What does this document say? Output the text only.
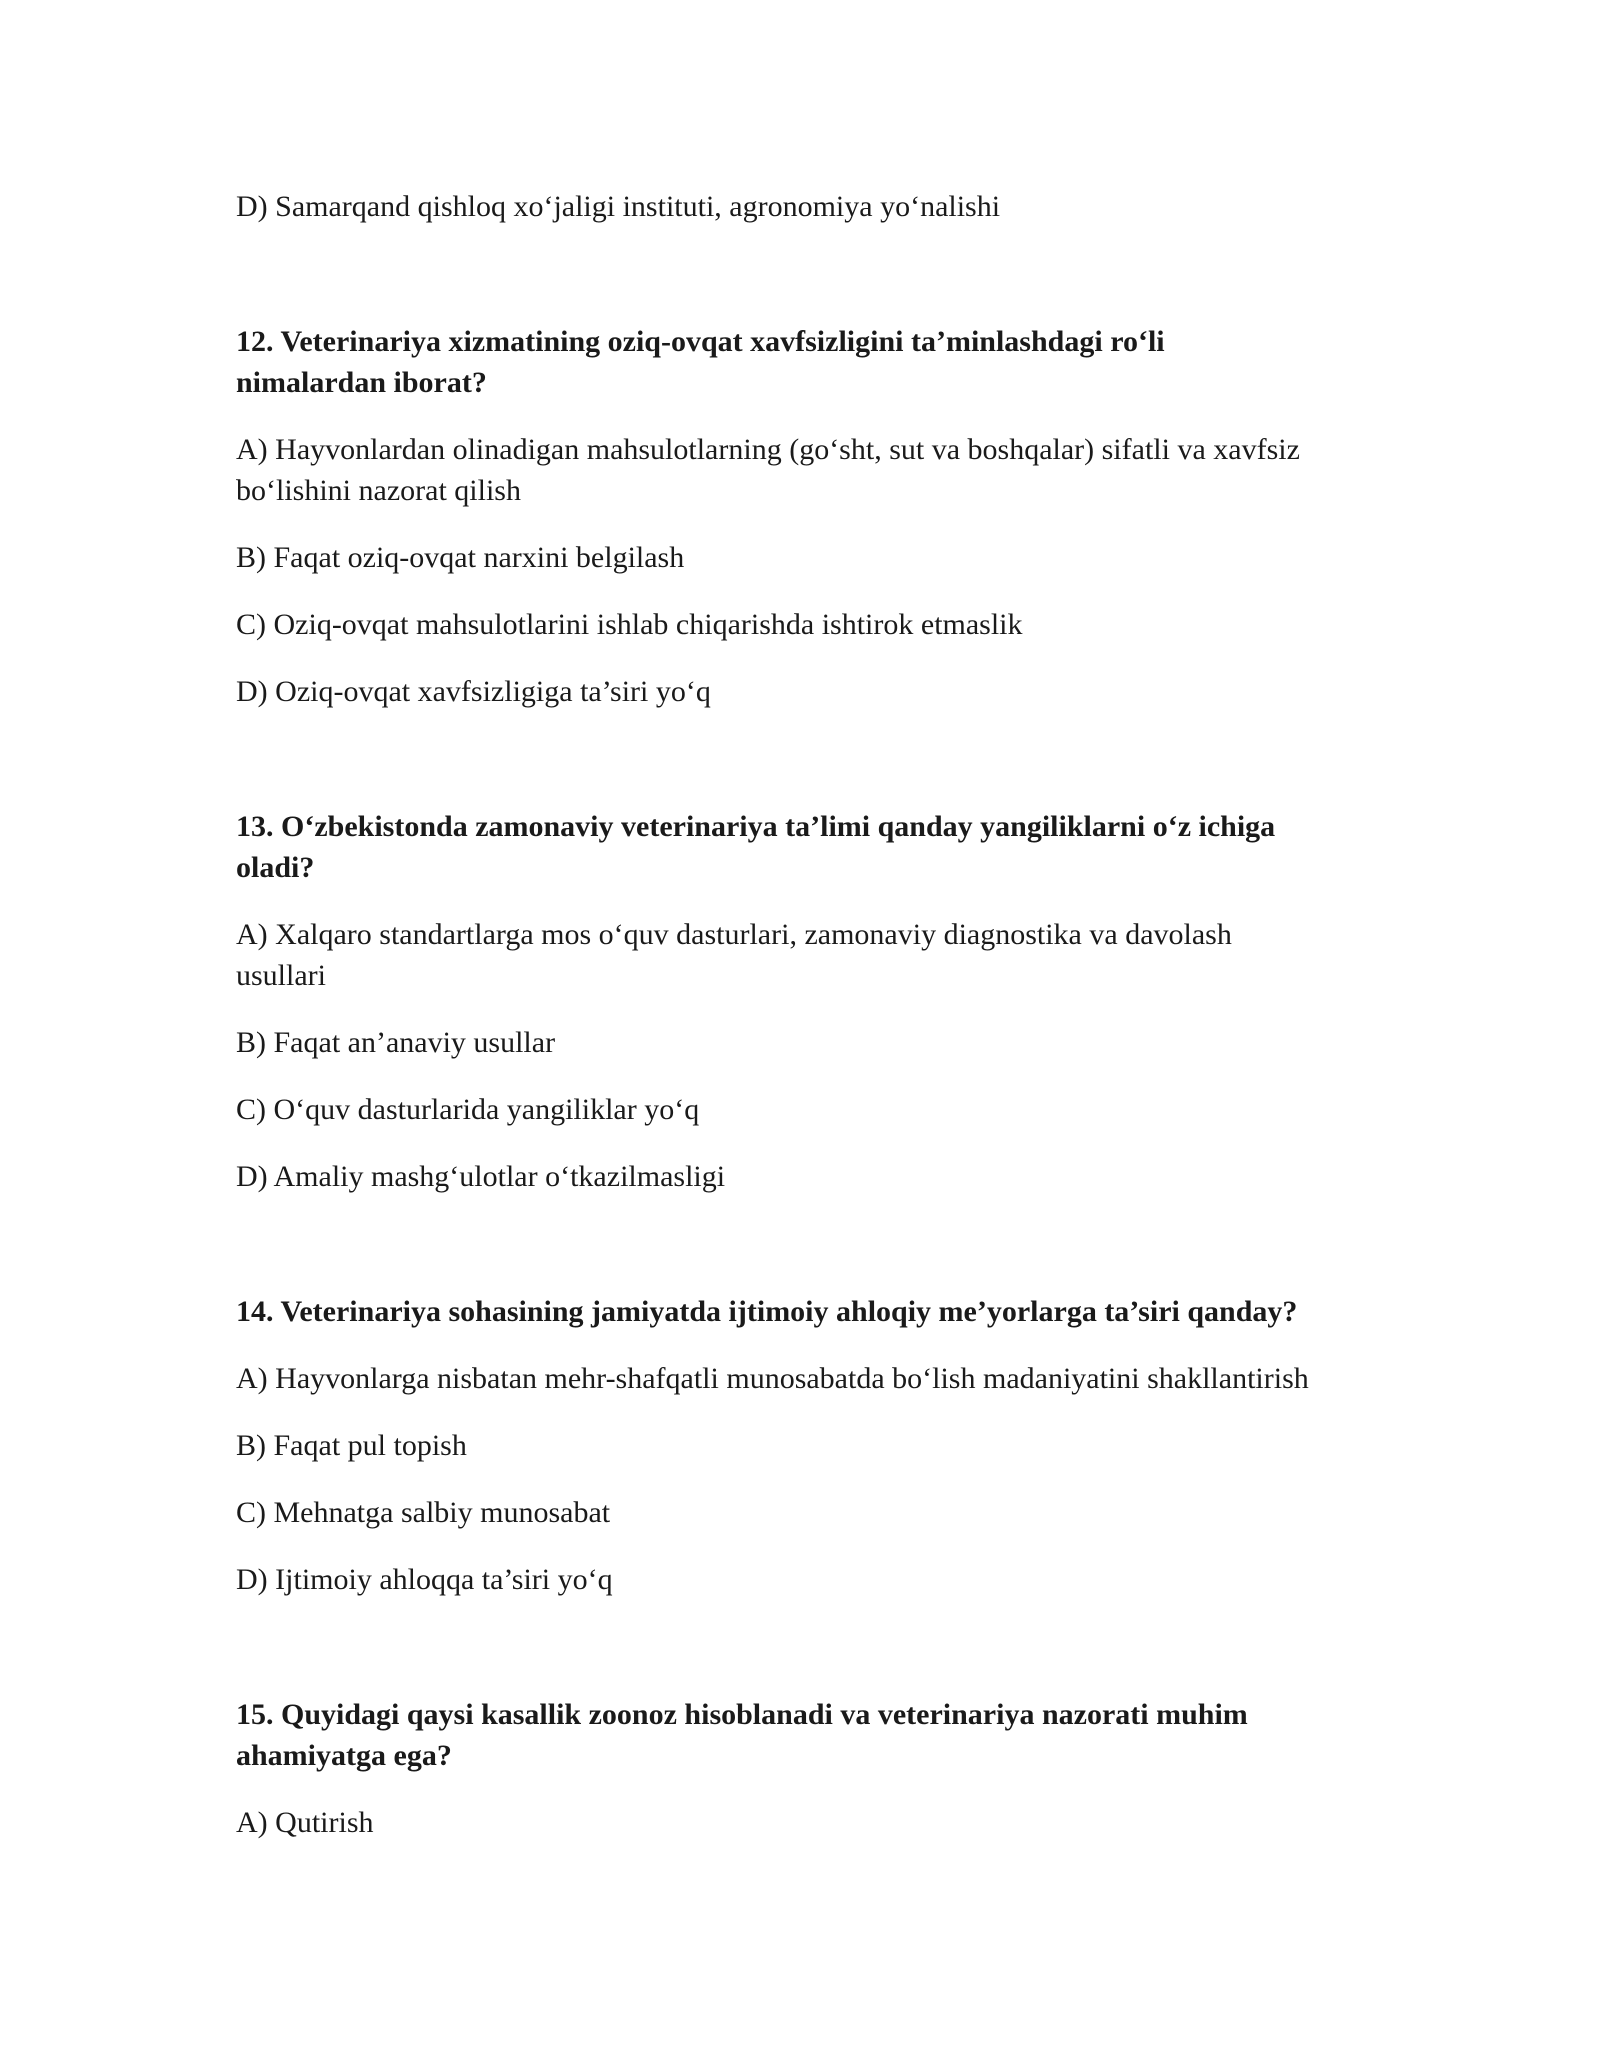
D) Samarqand qishloq xo‘jaligi instituti, agronomiya yo‘nalishi
12. Veterinariya xizmatining oziq-ovqat xavfsizligini ta’minlashdagi ro‘li
nimalardan iborat?
A) Hayvonlardan olinadigan mahsulotlarning (go‘sht, sut va boshqalar) sifatli va xavfsiz
bo‘lishini nazorat qilish
B) Faqat oziq-ovqat narxini belgilash
C) Oziq-ovqat mahsulotlarini ishlab chiqarishda ishtirok etmaslik
D) Oziq-ovqat xavfsizligiga ta’siri yo‘q
13. O‘zbekistonda zamonaviy veterinariya ta’limi qanday yangiliklarni o‘z ichiga
oladi?
A) Xalqaro standartlarga mos o‘quv dasturlari, zamonaviy diagnostika va davolash
usullari
B) Faqat an’anaviy usullar
C) O‘quv dasturlarida yangiliklar yo‘q
D) Amaliy mashg‘ulotlar o‘tkazilmasligi
14. Veterinariya sohasining jamiyatda ijtimoiy ahloqiy me’yorlarga ta’siri qanday?
A) Hayvonlarga nisbatan mehr-shafqatli munosabatda bo‘lish madaniyatini shakllantirish
B) Faqat pul topish
C) Mehnatga salbiy munosabat
D) Ijtimoiy ahloqqa ta’siri yo‘q
15. Quyidagi qaysi kasallik zoonoz hisoblanadi va veterinariya nazorati muhim
ahamiyatga ega?
A) Qutirish
